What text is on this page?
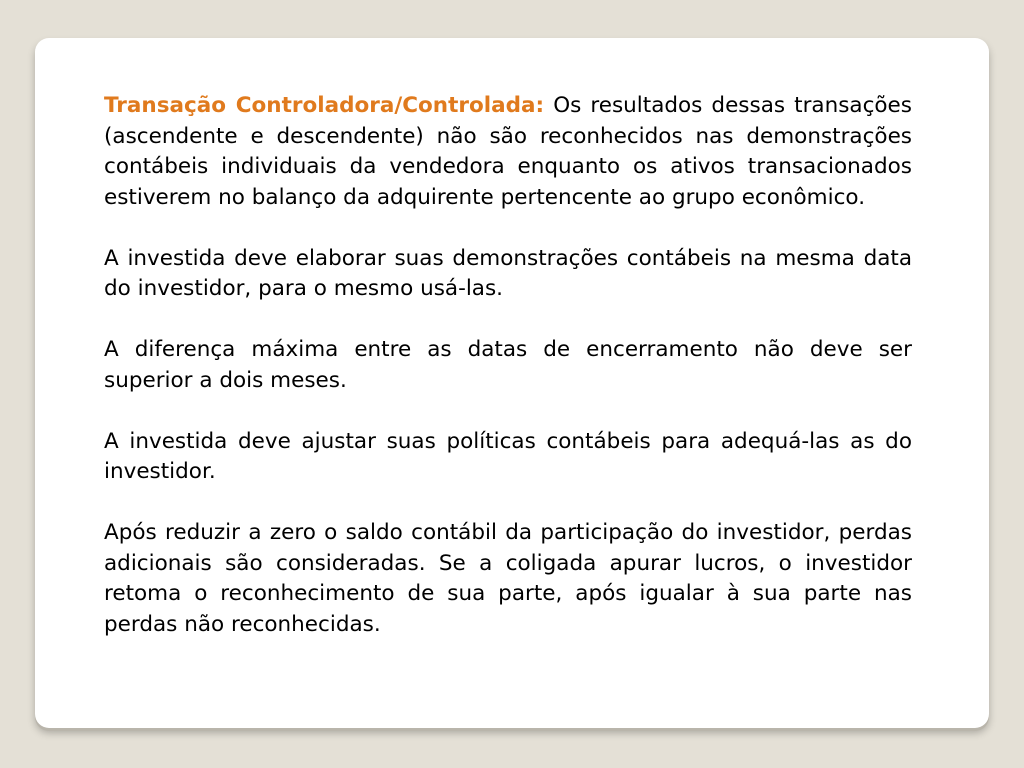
Transação Controladora/Controlada: Os resultados dessas transações (ascendente e descendente) não são reconhecidos nas demonstrações contábeis individuais da vendedora enquanto os ativos transacionados estiverem no balanço da adquirente pertencente ao grupo econômico.

A investida deve elaborar suas demonstrações contábeis na mesma data do investidor, para o mesmo usá-las.

A diferença máxima entre as datas de encerramento não deve ser superior a dois meses.

A investida deve ajustar suas políticas contábeis para adequá-las as do investidor.

Após reduzir a zero o saldo contábil da participação do investidor, perdas adicionais são consideradas. Se a coligada apurar lucros, o investidor retoma o reconhecimento de sua parte, após igualar à sua parte nas perdas não reconhecidas.
